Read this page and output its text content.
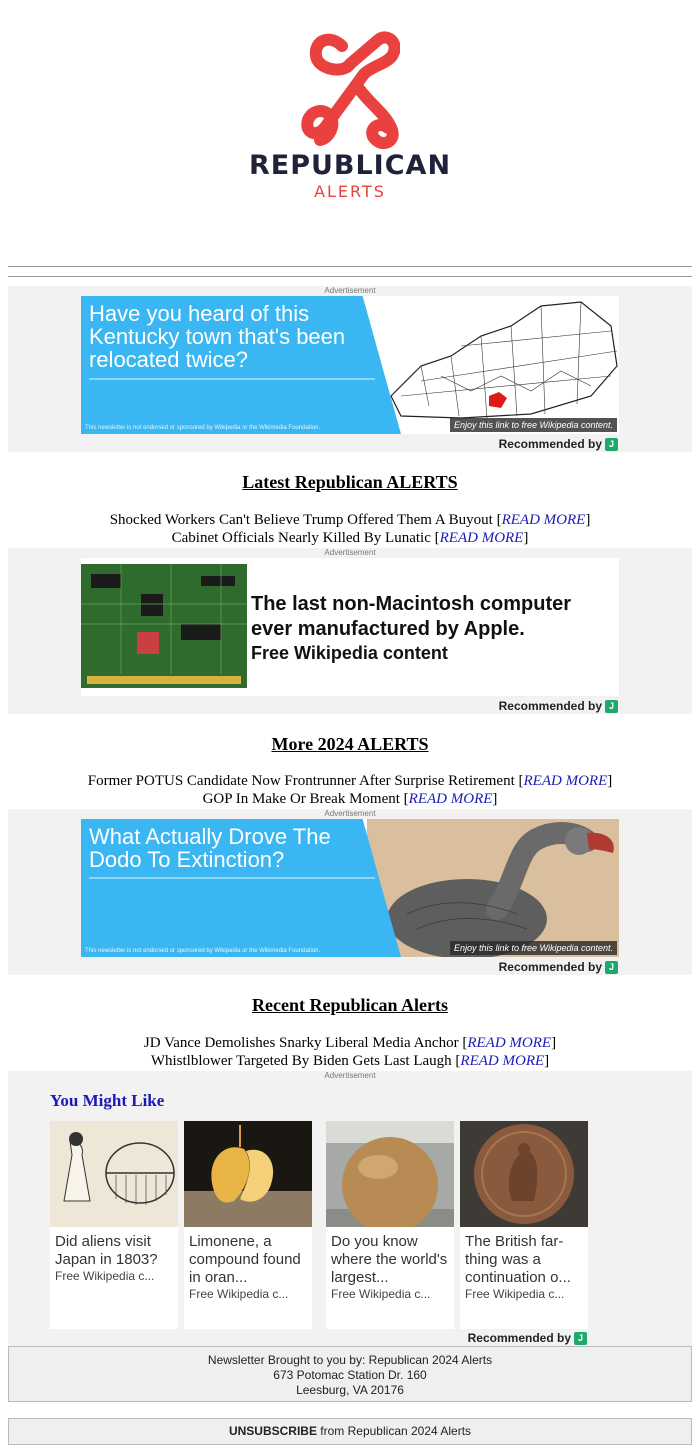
REPUBLICAN
ALERTS
Advertisement
Have you heard of this Kentucky town that's been relocated twice?
This newsletter is not endorsed or sponsored by Wikipedia or the Wikimedia Foundation.	Enjoy this link to free Wikipedia content.
Recommended by J
Latest Republican ALERTS
Shocked Workers Can't Believe Trump Offered Them A Buyout [READ MORE]
Cabinet Officials Nearly Killed By Lunatic [READ MORE]
Advertisement
The last non-Macintosh computer
ever manufactured by Apple.
Free Wikipedia content
Recommended by J
More 2024 ALERTS
Former POTUS Candidate Now Frontrunner After Surprise Retirement [READ MORE]
GOP In Make Or Break Moment [READ MORE]
Advertisement
What Actually Drove The Dodo To Extinction?
This newsletter is not endorsed or sponsored by Wikipedia or the Wikimedia Foundation.	Enjoy this link to free Wikipedia content.
Recommended by J
Recent Republican Alerts
JD Vance Demolishes Snarky Liberal Media Anchor [READ MORE]
Whistlblower Targeted By Biden Gets Last Laugh [READ MORE]
Advertisement
You Might Like
Did aliens visit Japan in 1803?
Free Wikipedia c...
Limonene, a compound found in oran...
Free Wikipedia c...
Do you know where the world's largest...
Free Wikipedia c...
The British far-thing was a continuation o...
Free Wikipedia c...
Recommended by J
Newsletter Brought to you by: Republican 2024 Alerts
673 Potomac Station Dr. 160
Leesburg, VA 20176
UNSUBSCRIBE from Republican 2024 Alerts
